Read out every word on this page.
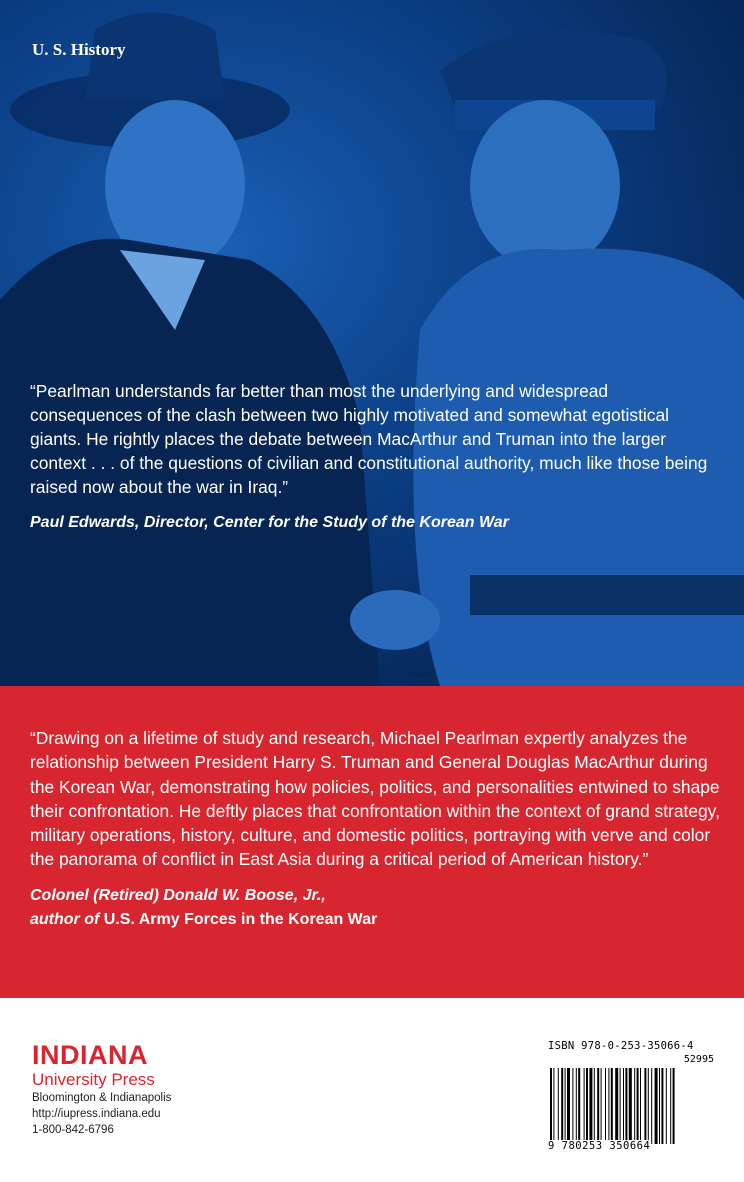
U. S. History
“Pearlman understands far better than most the underlying and widespread consequences of the clash between two highly motivated and somewhat egotistical giants. He rightly places the debate between MacArthur and Truman into the larger context . . . of the questions of civilian and constitutional authority, much like those being raised now about the war in Iraq.”
Paul Edwards, Director, Center for the Study of the Korean War
“Drawing on a lifetime of study and research, Michael Pearlman expertly analyzes the relationship between President Harry S. Truman and General Douglas MacArthur during the Korean War, demonstrating how policies, politics, and personalities entwined to shape their confrontation. He deftly places that confrontation within the context of grand strategy, military operations, history, culture, and domestic politics, portraying with verve and color the panorama of conflict in East Asia during a critical period of American history.”
Colonel (Retired) Donald W. Boose, Jr.,
author of U.S. Army Forces in the Korean War
INDIANA
University Press
Bloomington & Indianapolis
http://iupress.indiana.edu
1-800-842-6796
ISBN 978-0-253-35066-4
52995
9 780253 350664
